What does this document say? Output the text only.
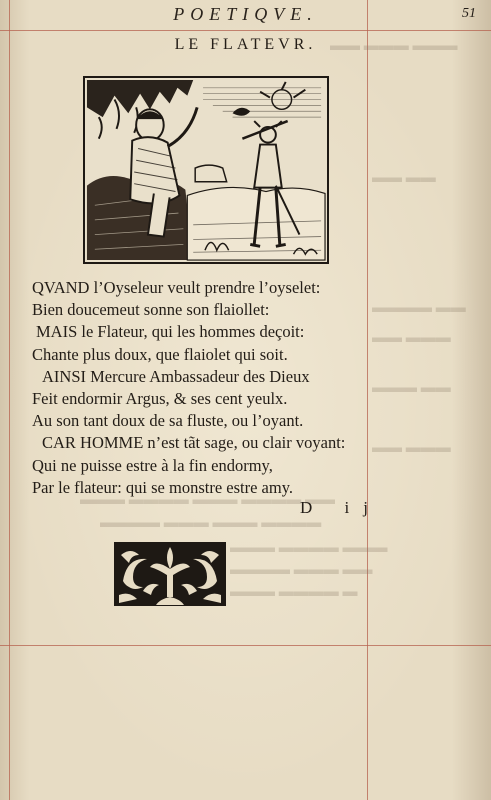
▬▬ ▬▬▬ ▬▬▬
▬▬ ▬▬
▬▬▬▬ ▬▬
▬▬ ▬▬▬
▬▬▬ ▬▬
▬▬ ▬▬▬
▬▬▬ ▬▬▬▬ ▬▬▬ ▬▬▬▬ ▬▬
▬▬▬▬ ▬▬▬ ▬▬▬ ▬▬▬▬
▬▬▬ ▬▬▬▬ ▬▬▬
▬▬▬▬ ▬▬▬ ▬▬
▬▬▬ ▬▬▬▬ ▬
POETIQVE.	51
LE FLATEVR.
QVAND l’Oyseleur veult prendre l’oyselet:
Bien doucemeut sonne son flaiollet:
MAIS le Flateur, qui les hommes deçoit:
Chante plus doux, que flaiolet qui soit.
AINSI Mercure Ambassadeur des Dieux
Feit endormir Argus, & ses cent yeulx.
Au son tant doux de sa fluste, ou l’oyant.
CAR HOMME n’est tãt sage, ou clair voyant:
Qui ne puisse estre à la fin endormy,
Par le flateur: qui se monstre estre amy.
D ij
